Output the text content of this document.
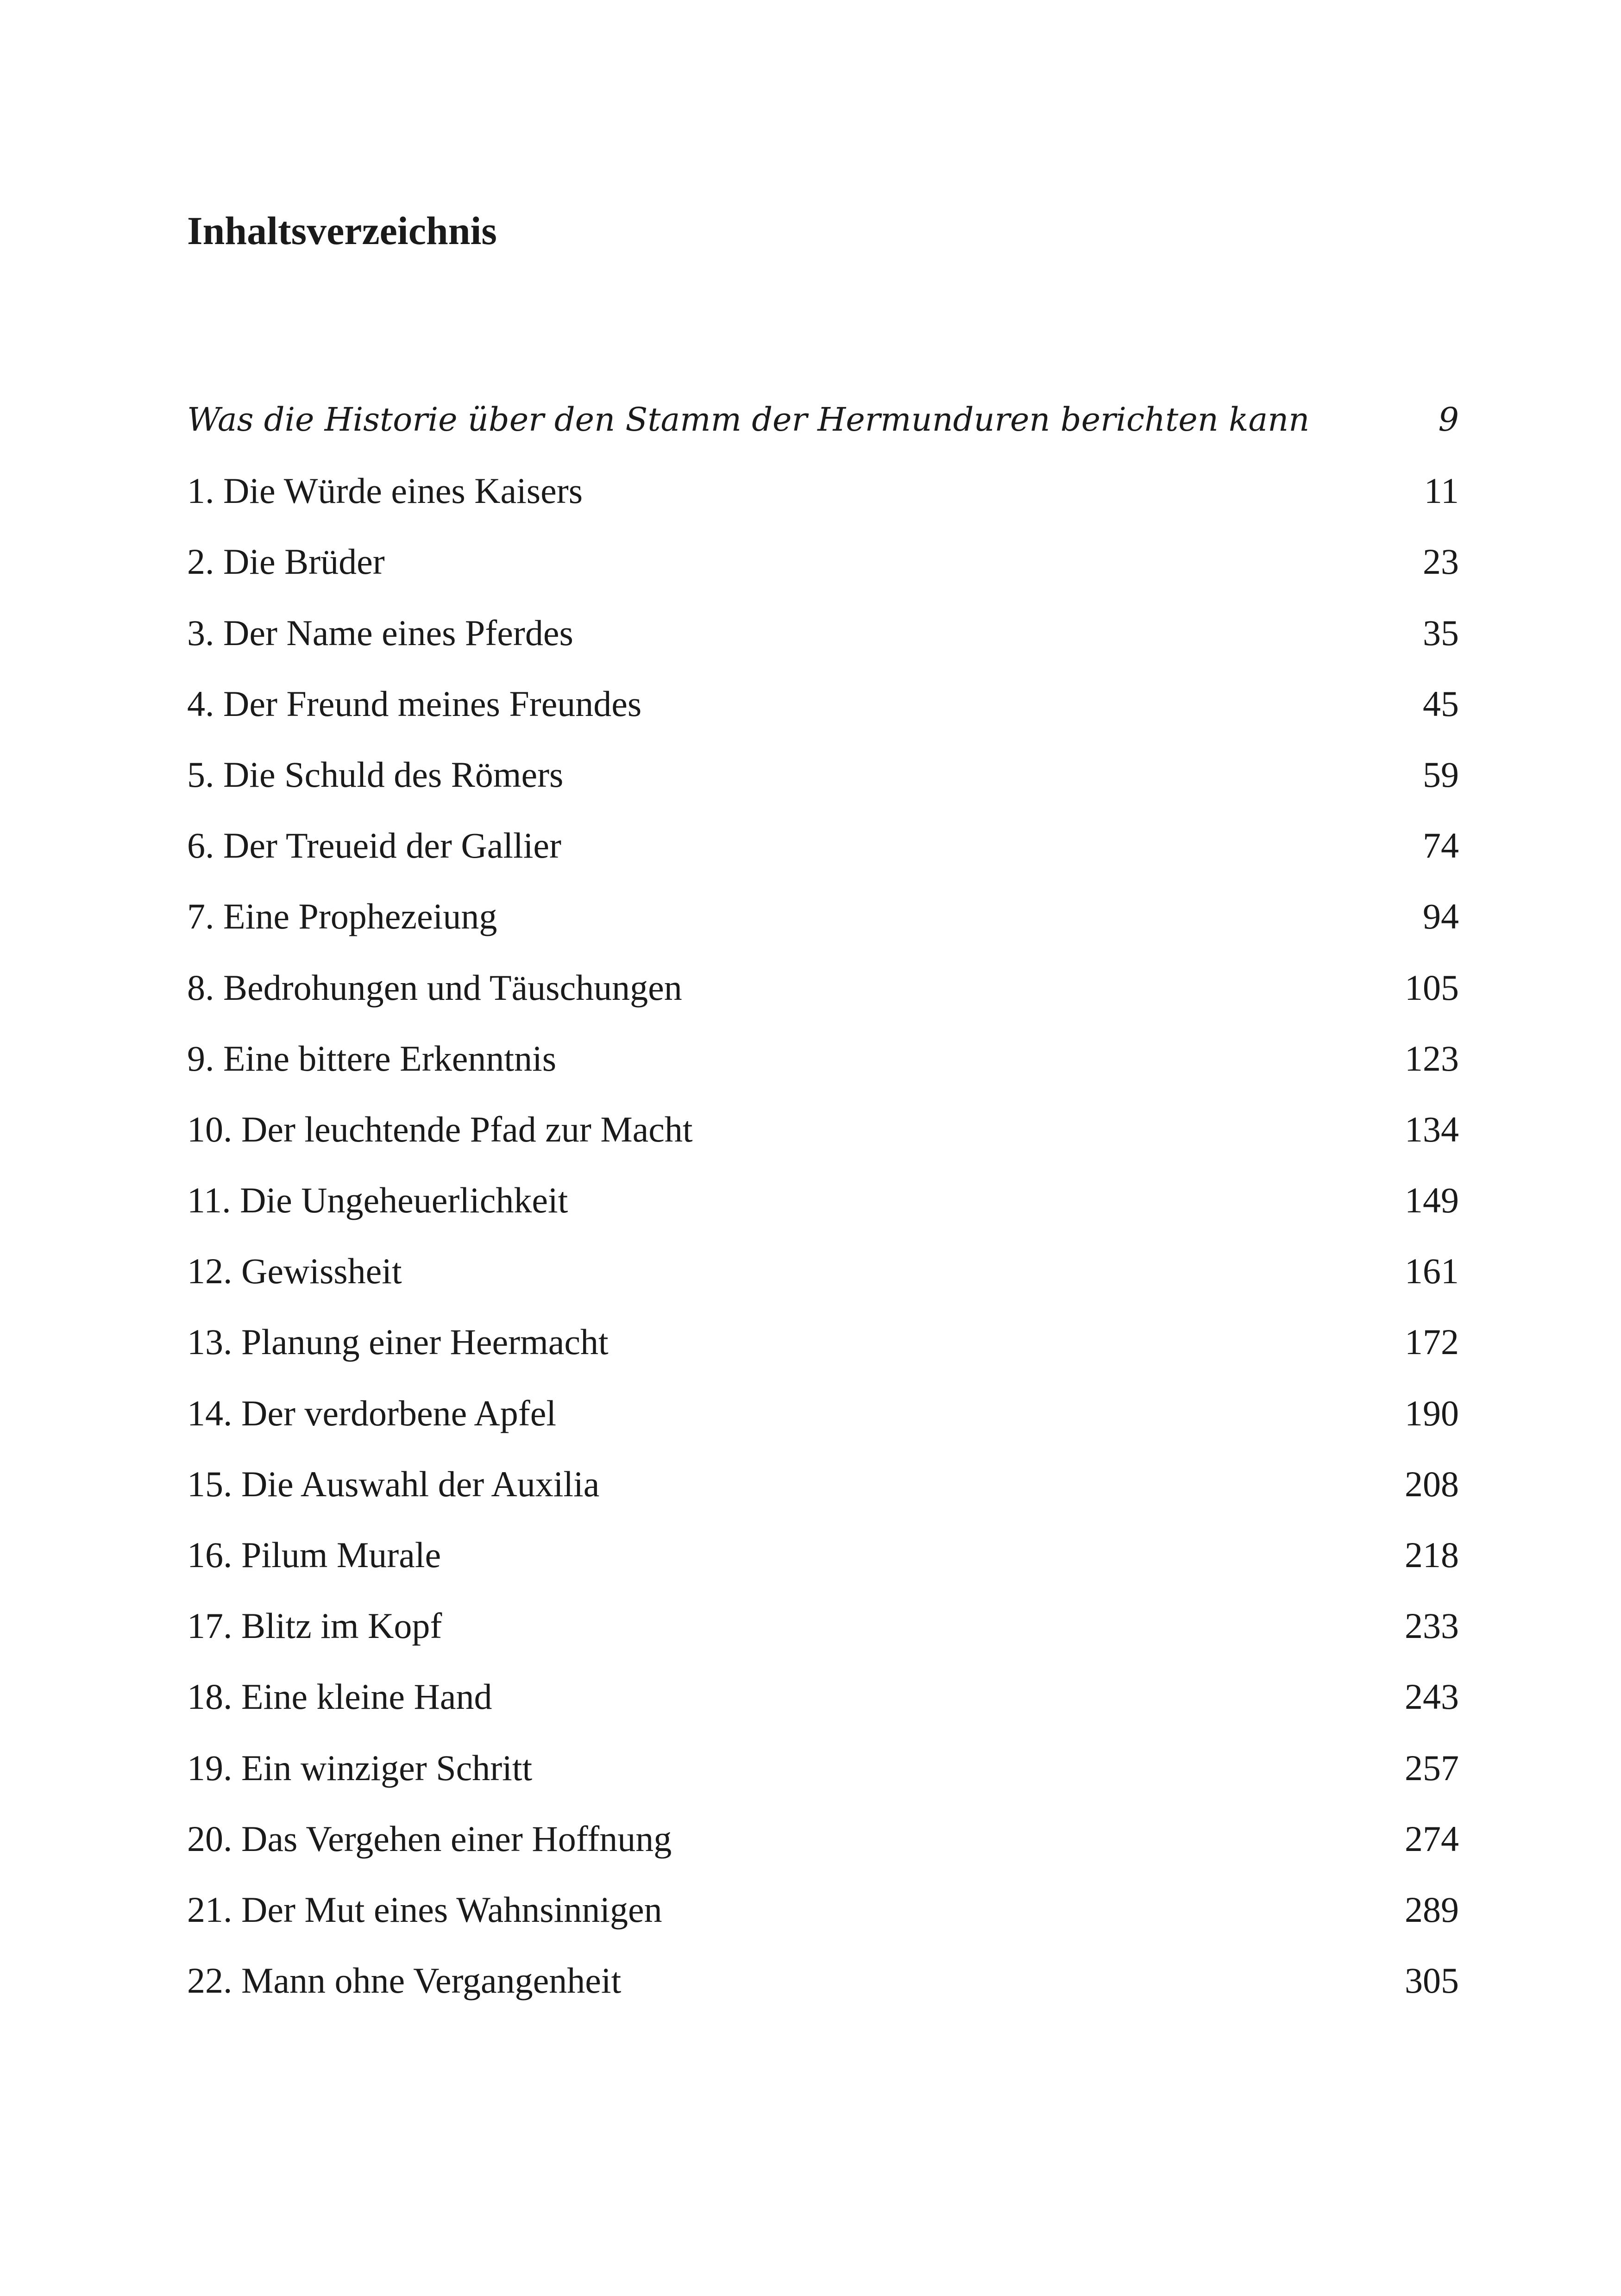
Inhaltsverzeichnis
Was die Historie über den Stamm der Hermunduren berichten kann	9
1. Die Würde eines Kaisers	11
2. Die Brüder	23
3. Der Name eines Pferdes	35
4. Der Freund meines Freundes	45
5. Die Schuld des Römers	59
6. Der Treueid der Gallier	74
7. Eine Prophezeiung	94
8. Bedrohungen und Täuschungen	105
9. Eine bittere Erkenntnis	123
10. Der leuchtende Pfad zur Macht	134
11. Die Ungeheuerlichkeit	149
12. Gewissheit	161
13. Planung einer Heermacht	172
14. Der verdorbene Apfel	190
15. Die Auswahl der Auxilia	208
16. Pilum Murale	218
17. Blitz im Kopf	233
18. Eine kleine Hand	243
19. Ein winziger Schritt	257
20. Das Vergehen einer Hoffnung	274
21. Der Mut eines Wahnsinnigen	289
22. Mann ohne Vergangenheit	305
